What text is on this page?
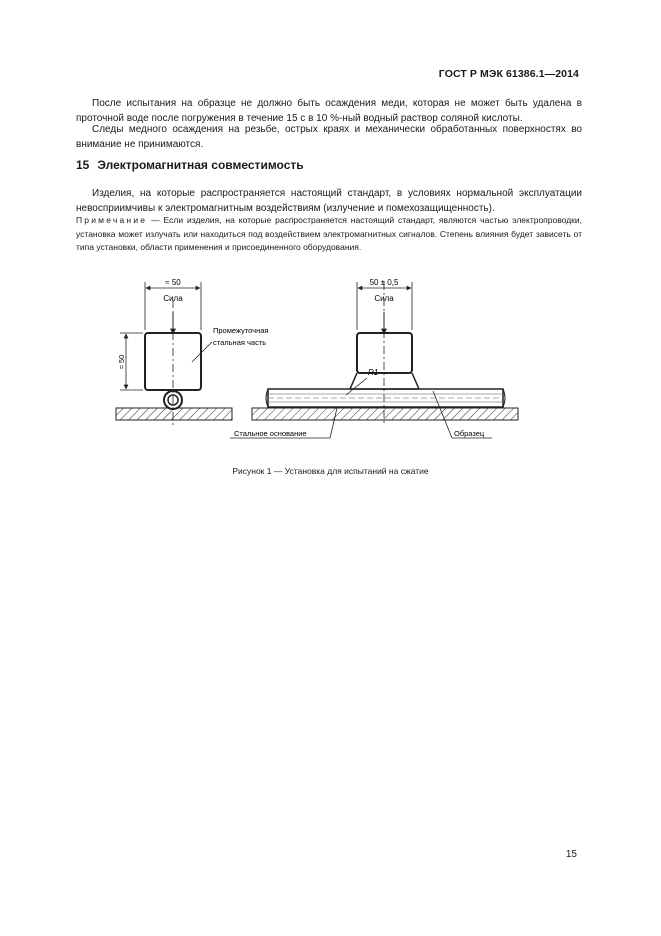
ГОСТ Р МЭК 61386.1—2014

После испытания на образце не должно быть осаждения меди, которая не может быть удалена в проточной воде после погружения в течение 15 с в 10 %-ный водный раствор соляной кислоты.

Следы медного осаждения на резьбе, острых краях и механически обработанных поверхностях во внимание не принимаются.

15 Электромагнитная совместимость

Изделия, на которые распространяется настоящий стандарт, в условиях нормальной эксплуатации невосприимчивы к электромагнитным воздействиям (излучение и помехозащищенность).

Примечание — Если изделия, на которые распространяется настоящий стандарт, являются частью электропроводки, установка может излучать или находиться под воздействием электромагнитных сигналов. Степень влияния будет зависеть от типа установки, области применения и присоединенного оборудования.
≈ 50
Сила
≈ 50
Промежуточная
стальная часть
50 ± 0,5
Сила
R1
Стальное основание	Образец
Рисунок 1 — Установка для испытаний на сжатие
15
